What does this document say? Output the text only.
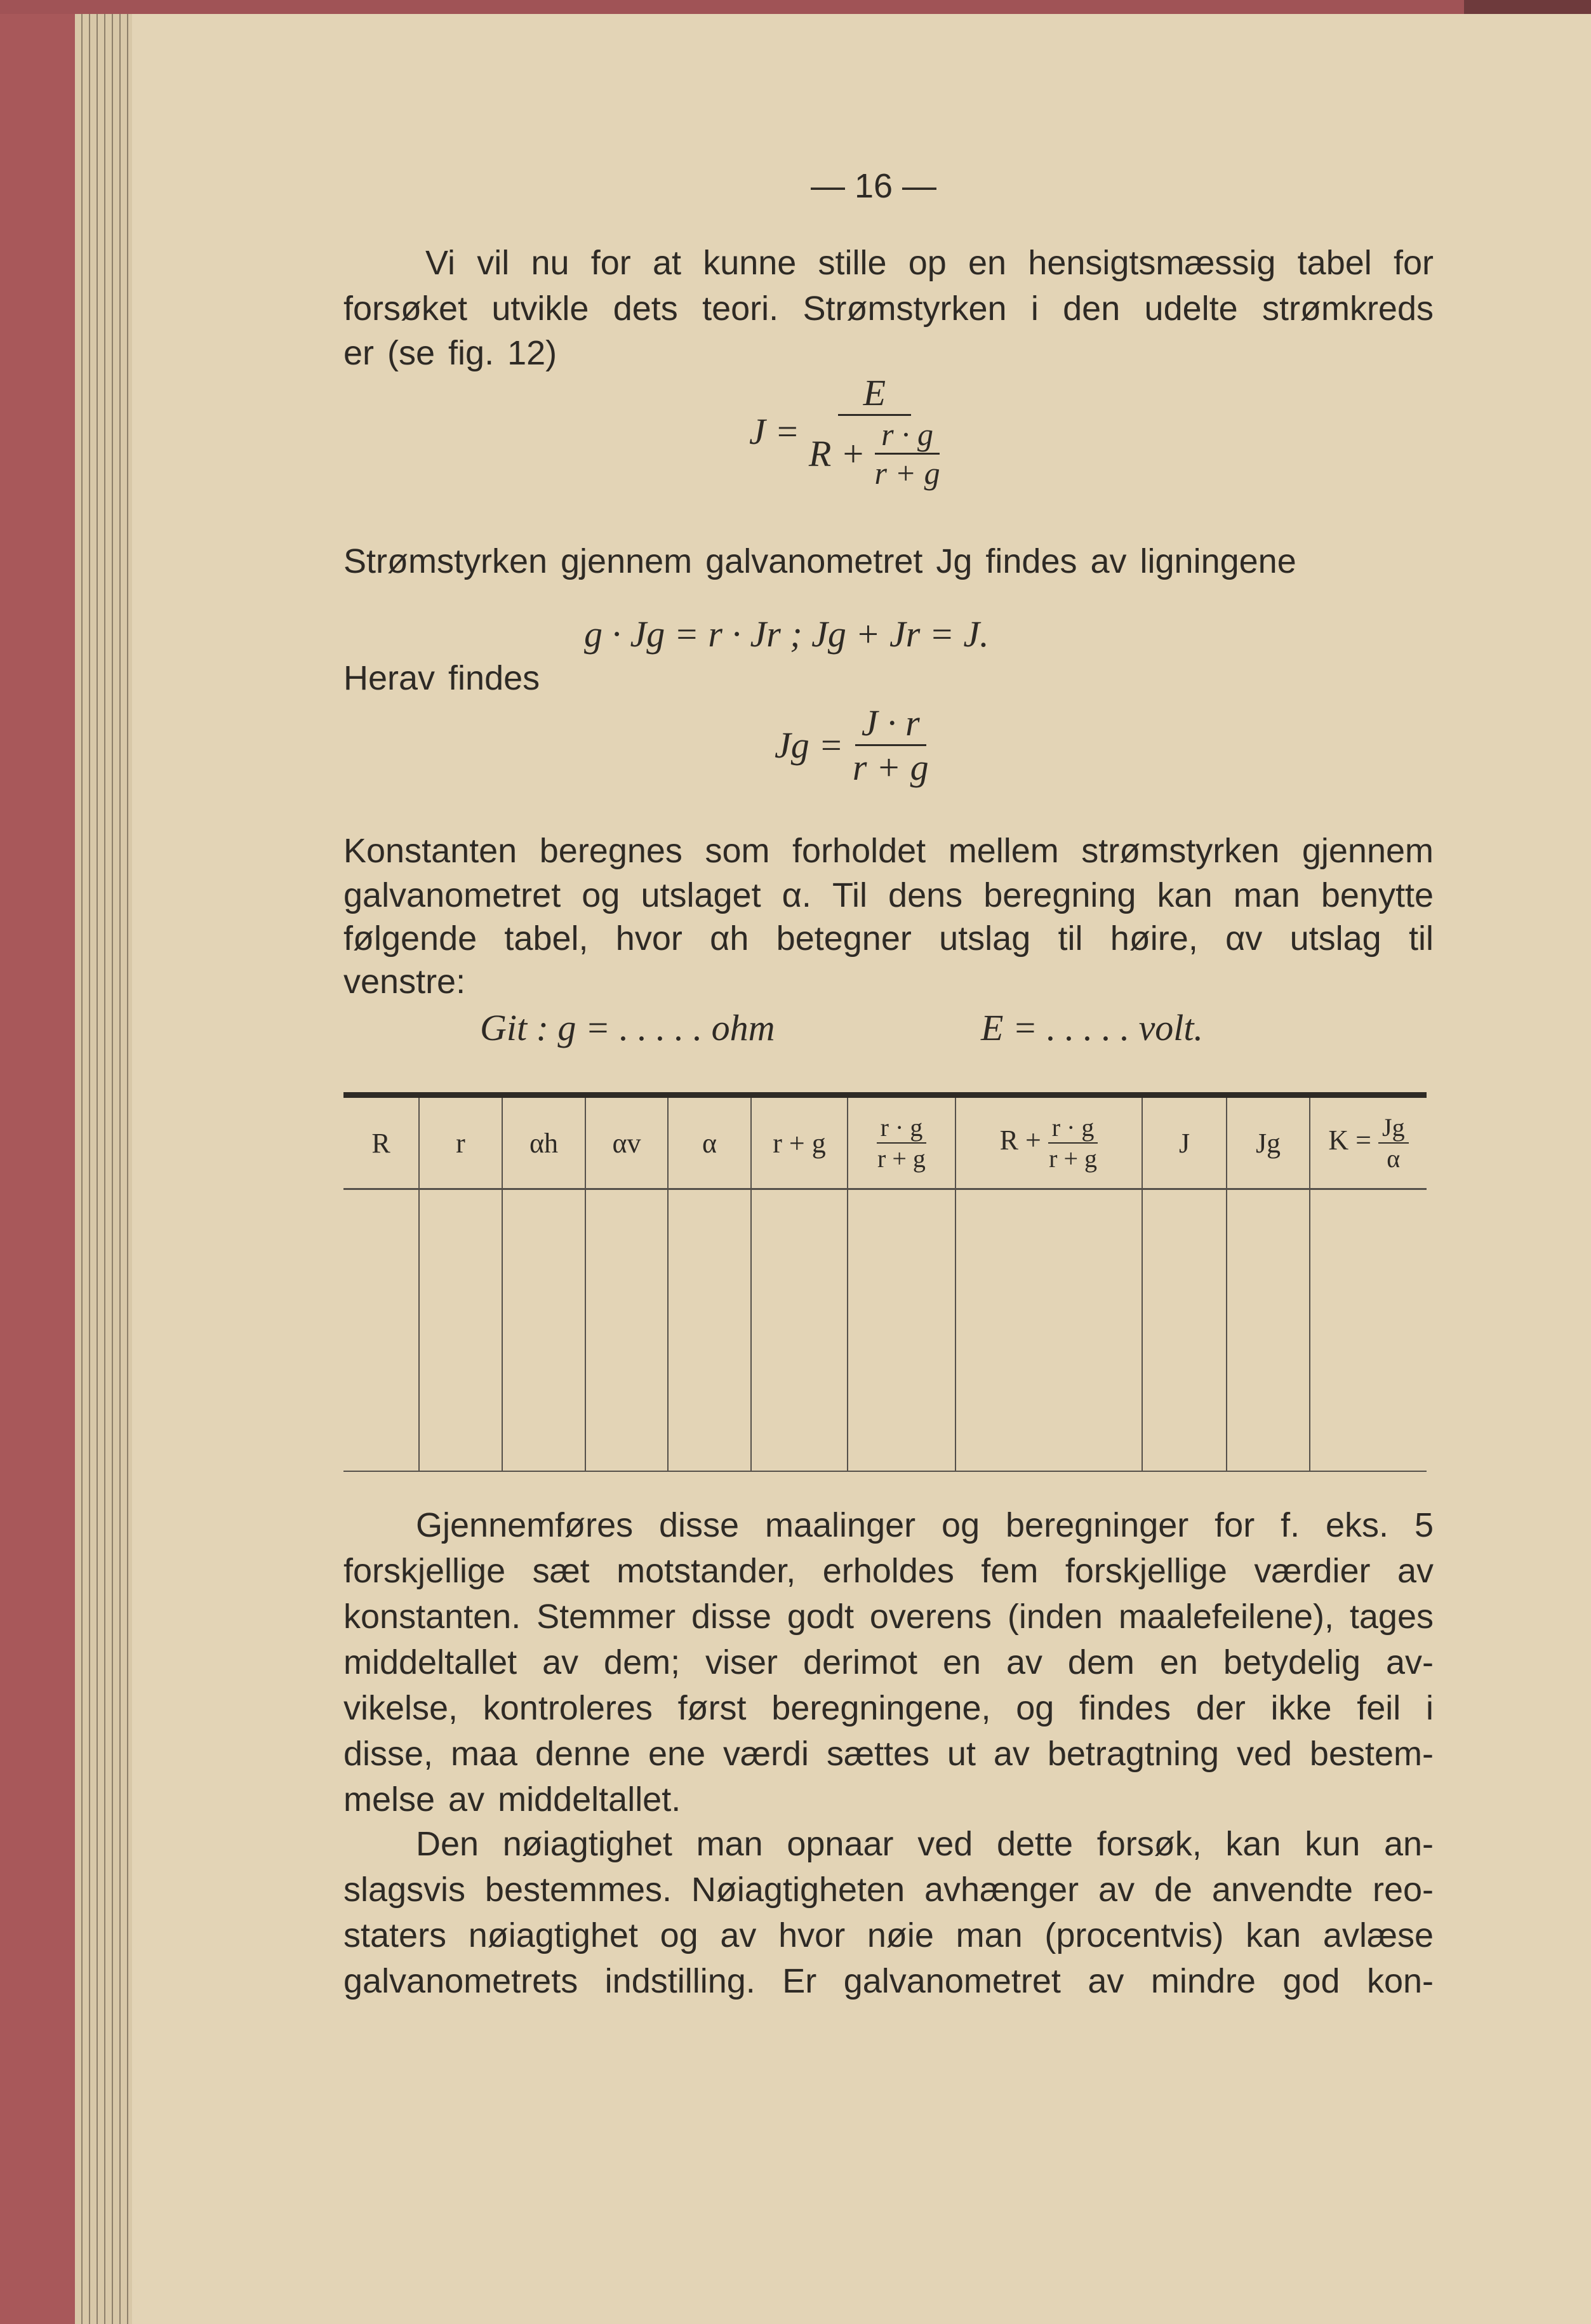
— 16 —
Vi vil nu for at kunne stille op en hensigtsmæssig tabel for
forsøket utvikle dets teori. Strømstyrken i den udelte strømkreds
er (se fig. 12)
$J = \frac{E}{R + \frac{r \cdot g}{r + g}}$
Strømstyrken gjennem galvanometret Jg findes av ligningene
g · Jg = r · Jr ; Jg + Jr = J.
Herav findes
$Jg = \frac{J \cdot r}{r + g}$
Konstanten beregnes som forholdet mellem strømstyrken gjennem
galvanometret og utslaget α. Til dens beregning kan man benytte
følgende tabel, hvor αh betegner utslag til høire, αv utslag til
venstre:
Git : g = . . . . . ohm	E = . . . . . volt.
R	r	αh	αv	α	r + g	$\frac{r \cdot g}{r + g}$	$R + \frac{r \cdot g}{r + g}$	J	Jg	$K = \frac{Jg}{\alpha}$

Gjennemføres disse maalinger og beregninger for f. eks. 5
forskjellige sæt motstander, erholdes fem forskjellige værdier av
konstanten. Stemmer disse godt overens (inden maalefeilene), tages
middeltallet av dem; viser derimot en av dem en betydelig av-
vikelse, kontroleres først beregningene, og findes der ikke feil i
disse, maa denne ene værdi sættes ut av betragtning ved bestem-
melse av middeltallet.
Den nøiagtighet man opnaar ved dette forsøk, kan kun an-
slagsvis bestemmes. Nøiagtigheten avhænger av de anvendte reo-
staters nøiagtighet og av hvor nøie man (procentvis) kan avlæse
galvanometrets indstilling. Er galvanometret av mindre god kon-
